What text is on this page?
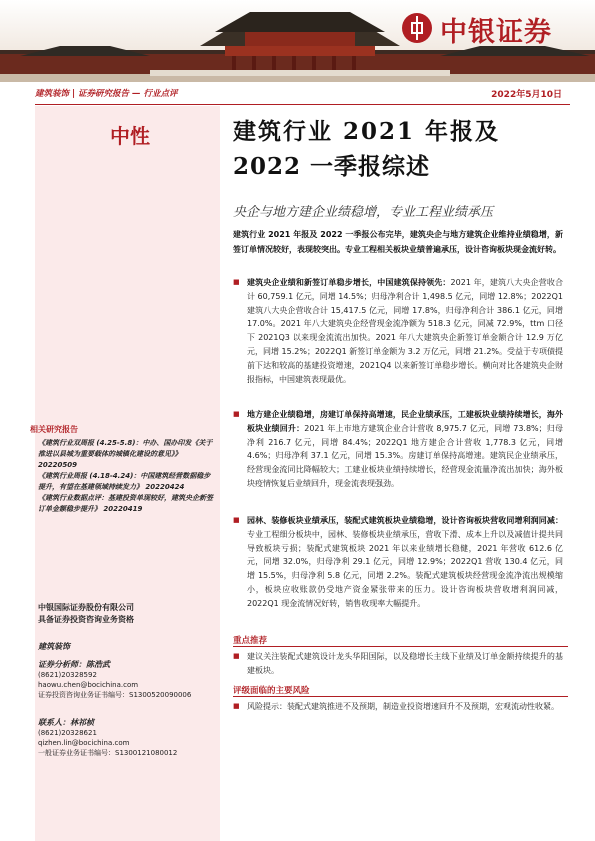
中银证券
建筑装饰 | 证券研究报告 — 行业点评	2022年5月10日
中性
相关研究报告

《建筑行业双周报 (4.25-5.8)：中办、国办印发《关于推进以县城为重要载体的城镇化建设的意见》》 20220509

《建筑行业周报 (4.18-4.24)：中国建筑经营数据稳步提升，有望在基建领域持续发力》 20220424

《建筑行业数据点评：基建投资单现较好，建筑央企新签订单金额稳步提升》 20220419

中银国际证券股份有限公司
具备证券投资咨询业务资格
建筑装饰
证券分析师：陈浩武
(8621)20328592
haowu.chen@bocichina.com
证券投资咨询业务证书编号：S1300520090006
联系人：林祁桢
(8621)20328621
qizhen.lin@bocichina.com
一般证券业务证书编号：S1300121080012
建筑行业 2021 年报及
2022 一季报综述
央企与地方建企业绩稳增，专业工程业绩承压
建筑行业 2021 年报及 2022 一季报公布完毕，建筑央企与地方建筑企业维持业绩稳增，新签订单情况较好，表现较突出。专业工程相关板块业绩普遍承压，设计咨询板块现金流好转。
■ 建筑央企业绩和新签订单稳步增长，中国建筑保持领先：2021 年，建筑八大央企营收合计 60,759.1 亿元，同增 14.5%；归母净利合计 1,498.5 亿元，同增 12.8%；2022Q1 建筑八大央企营收合计 15,417.5 亿元，同增 17.8%，归母净利合计 386.1 亿元，同增 17.0%。2021 年八大建筑央企经营现金流净额为 518.3 亿元，同减 72.9%，ttm 口径下 2021Q3 以来现金流流出加快。2021 年八大建筑央企新签订单金额合计 12.9 万亿元，同增 15.2%；2022Q1 新签订单金额为 3.2 万亿元，同增 21.2%。受益于专项债提前下达和较高的基建投资增速，2021Q4 以来新签订单稳步增长。横向对比各建筑央企财报指标，中国建筑表现最优。
■ 地方建企业绩稳增，房建订单保持高增速，民企业绩承压，工建板块业绩持续增长，海外板块业绩回升：2021 年上市地方建筑企业合计营收 8,975.7 亿元，同增 73.8%；归母净利 216.7 亿元，同增 84.4%；2022Q1 地方建企合计营收 1,778.3 亿元，同增 4.6%；归母净利 37.1 亿元，同增 15.3%。房建订单保持高增速。建筑民企业绩承压，经营现金流同比降幅较大；工建业板块业绩持续增长，经营现金流量净流出加快；海外板块疫情恢复后业绩回升，现金流表现强劲。
■ 园林、装修板块业绩承压，装配式建筑板块业绩稳增，设计咨询板块营收同增利润同减：专业工程细分板块中，园林、装修板块业绩承压，营收下滑、成本上升以及减值计提共同导致板块亏损；装配式建筑板块 2021 年以来业绩增长稳健，2021 年营收 612.6 亿元，同增 32.0%，归母净利 29.1 亿元，同增 12.9%；2022Q1 营收 130.4 亿元，同增 15.5%，归母净利 5.8 亿元，同增 2.2%。装配式建筑板块经营现金流净流出规模缩小，板块应收账款仍受地产资金紧张带来的压力。设计咨询板块营收增利润同减，2022Q1 现金流情况好转，销售收现率大幅提升。
重点推荐
■ 建议关注装配式建筑设计龙头华阳国际，以及稳增长主线下业绩及订单金额持续提升的基建板块。
评级面临的主要风险
■ 风险提示：装配式建筑推进不及预期，制造业投资增速回升不及预期，宏观流动性收紧。
